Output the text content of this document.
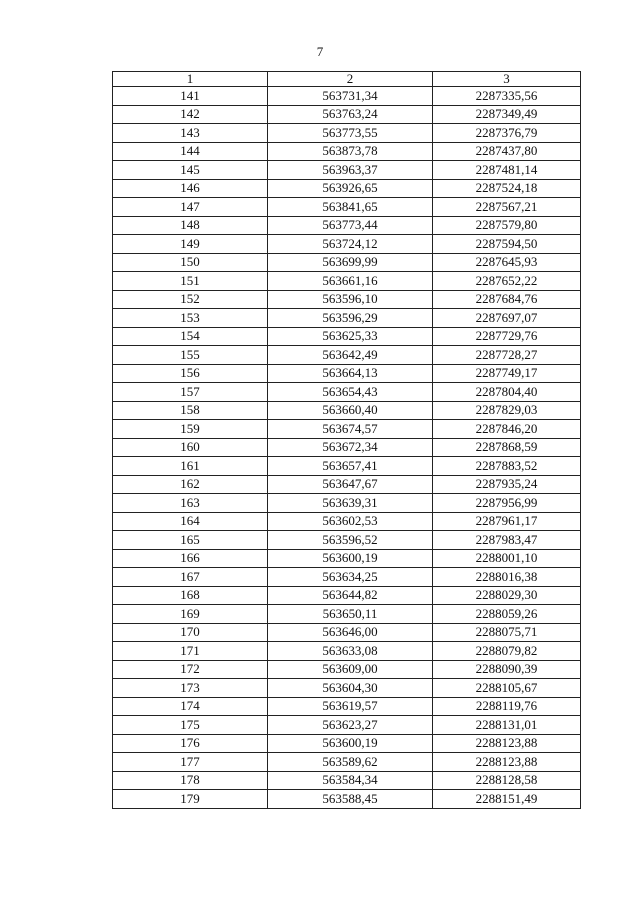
7
1	2	3
141	563731,34	2287335,56
142	563763,24	2287349,49
143	563773,55	2287376,79
144	563873,78	2287437,80
145	563963,37	2287481,14
146	563926,65	2287524,18
147	563841,65	2287567,21
148	563773,44	2287579,80
149	563724,12	2287594,50
150	563699,99	2287645,93
151	563661,16	2287652,22
152	563596,10	2287684,76
153	563596,29	2287697,07
154	563625,33	2287729,76
155	563642,49	2287728,27
156	563664,13	2287749,17
157	563654,43	2287804,40
158	563660,40	2287829,03
159	563674,57	2287846,20
160	563672,34	2287868,59
161	563657,41	2287883,52
162	563647,67	2287935,24
163	563639,31	2287956,99
164	563602,53	2287961,17
165	563596,52	2287983,47
166	563600,19	2288001,10
167	563634,25	2288016,38
168	563644,82	2288029,30
169	563650,11	2288059,26
170	563646,00	2288075,71
171	563633,08	2288079,82
172	563609,00	2288090,39
173	563604,30	2288105,67
174	563619,57	2288119,76
175	563623,27	2288131,01
176	563600,19	2288123,88
177	563589,62	2288123,88
178	563584,34	2288128,58
179	563588,45	2288151,49
